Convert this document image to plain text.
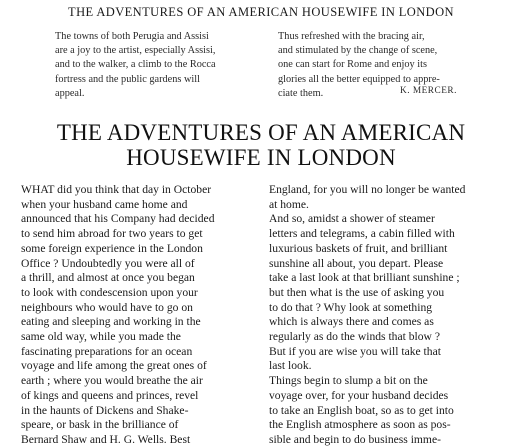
THE ADVENTURES OF AN AMERICAN HOUSEWIFE IN LONDON
The towns of both Perugia and Assisi
are a joy to the artist, especially Assisi,
and to the walker, a climb to the Rocca
fortress and the public gardens will
appeal.
Thus refreshed with the bracing air,
and stimulated by the change of scene,
one can start for Rome and enjoy its
glories all the better equipped to appre-
ciate them.	K. MERCER.
THE ADVENTURES OF AN AMERICAN
HOUSEWIFE IN LONDON
WHAT did you think that day in October
when your husband came home and
announced that his Company had decided
to send him abroad for two years to get
some foreign experience in the London
Office ? Undoubtedly you were all of
a thrill, and almost at once you began
to look with condescension upon your
neighbours who would have to go on
eating and sleeping and working in the
same old way, while you made the
fascinating preparations for an ocean
voyage and life among the great ones of
earth ; where you would breathe the air
of kings and queens and princes, revel
in the haunts of Dickens and Shake-
speare, or bask in the brilliance of
Bernard Shaw and H. G. Wells. Best
England, for you will no longer be wanted
at home.
And so, amidst a shower of steamer
letters and telegrams, a cabin filled with
luxurious baskets of fruit, and brilliant
sunshine all about, you depart. Please
take a last look at that brilliant sunshine ;
but then what is the use of asking you
to do that ? Why look at something
which is always there and comes as
regularly as do the winds that blow ?
But if you are wise you will take that
last look.
Things begin to slump a bit on the
voyage over, for your husband decides
to take an English boat, so as to get into
the English atmosphere as soon as pos-
sible and begin to do business imme-
